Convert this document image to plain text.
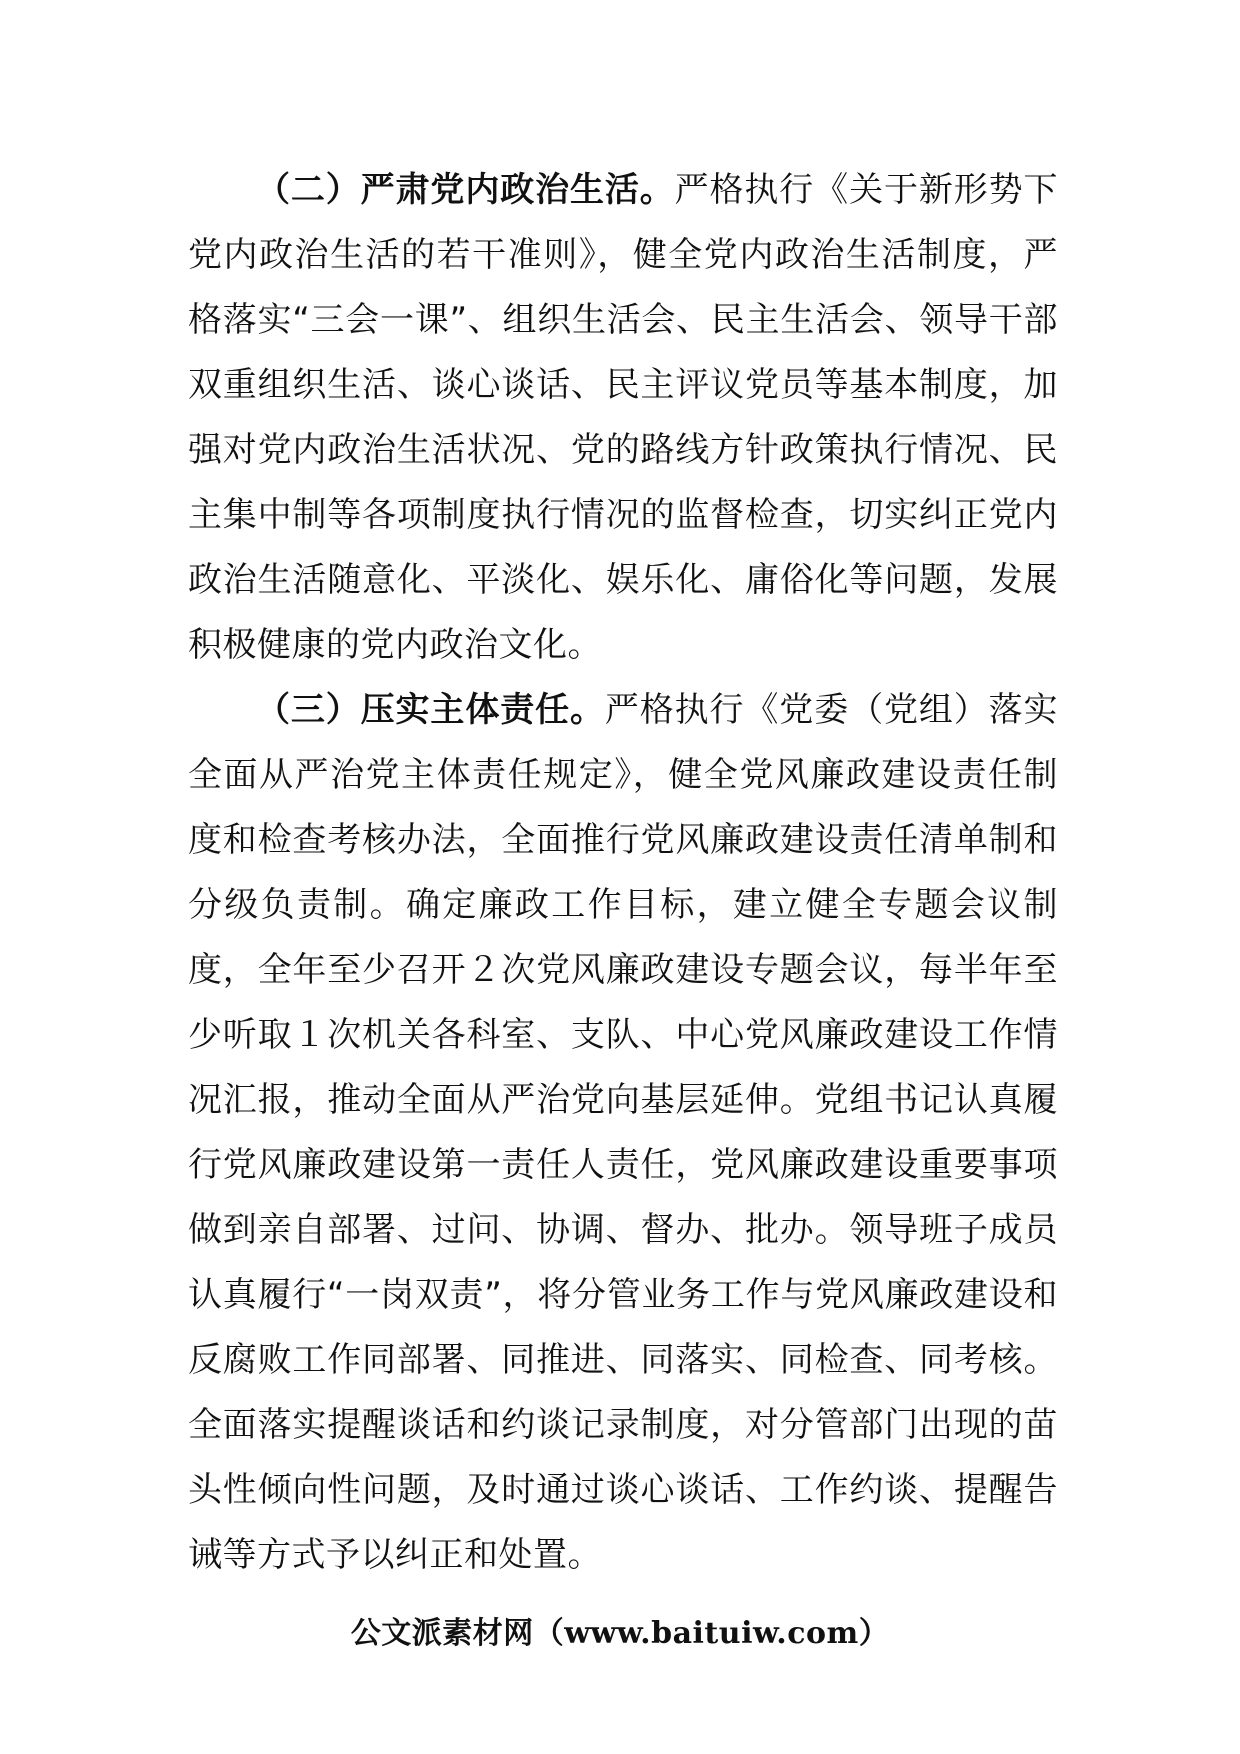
（二）严肃党内政治生活。严格执行《关于新形势下党内政治生活的若干准则》，健全党内政治生活制度，严格落实“三会一课”、组织生活会、民主生活会、领导干部双重组织生活、谈心谈话、民主评议党员等基本制度，加强对党内政治生活状况、党的路线方针政策执行情况、民主集中制等各项制度执行情况的监督检查，切实纠正党内政治生活随意化、平淡化、娱乐化、庸俗化等问题，发展积极健康的党内政治文化。

（三）压实主体责任。严格执行《党委（党组）落实全面从严治党主体责任规定》，健全党风廉政建设责任制度和检查考核办法，全面推行党风廉政建设责任清单制和分级负责制。确定廉政工作目标，建立健全专题会议制度，全年至少召开２次党风廉政建设专题会议，每半年至少听取１次机关各科室、支队、中心党风廉政建设工作情况汇报，推动全面从严治党向基层延伸。党组书记认真履行党风廉政建设第一责任人责任，党风廉政建设重要事项做到亲自部署、过问、协调、督办、批办。领导班子成员认真履行“一岗双责”，将分管业务工作与党风廉政建设和反腐败工作同部署、同推进、同落实、同检查、同考核。全面落实提醒谈话和约谈记录制度，对分管部门出现的苗头性倾向性问题，及时通过谈心谈话、工作约谈、提醒告诫等方式予以纠正和处置。

公文派素材网（www.baituiw.com）
